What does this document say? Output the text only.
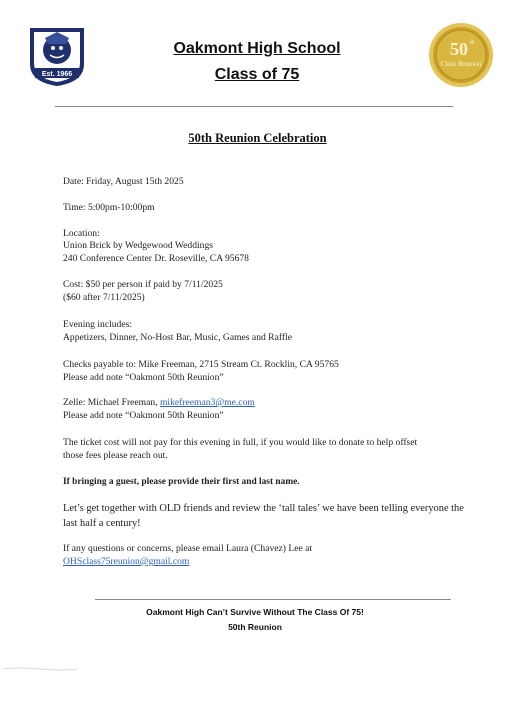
Est. 1966
Oakmont High School
Class of 75
50 th
Class Reunion
50th Reunion Celebration
Date: Friday, August 15th 2025
Time: 5:00pm-10:00pm
Location:
Union Brick by Wedgewood Weddings
240 Conference Center Dr. Roseville, CA 95678
Cost: $50 per person if paid by 7/11/2025
($60 after 7/11/2025)
Evening includes:
Appetizers, Dinner, No-Host Bar, Music, Games and Raffle
Checks payable to: Mike Freeman, 2715 Stream Ct. Rocklin, CA 95765
Please add note “Oakmont 50th Reunion”
Zelle: Michael Freeman, mikefreeman3@me.com
Please add note “Oakmont 50th Reunion”
The ticket cost will not pay for this evening in full, if you would like to donate to help offset
those fees please reach out.
If bringing a guest, please provide their first and last name.
Let’s get together with OLD friends and review the ‘tall tales’ we have been telling everyone the
last half a century!
If any questions or concerns, please email Laura (Chavez) Lee at
OHSclass75reunion@gmail.com
Oakmont High Can’t Survive Without The Class Of 75!
50th Reunion
